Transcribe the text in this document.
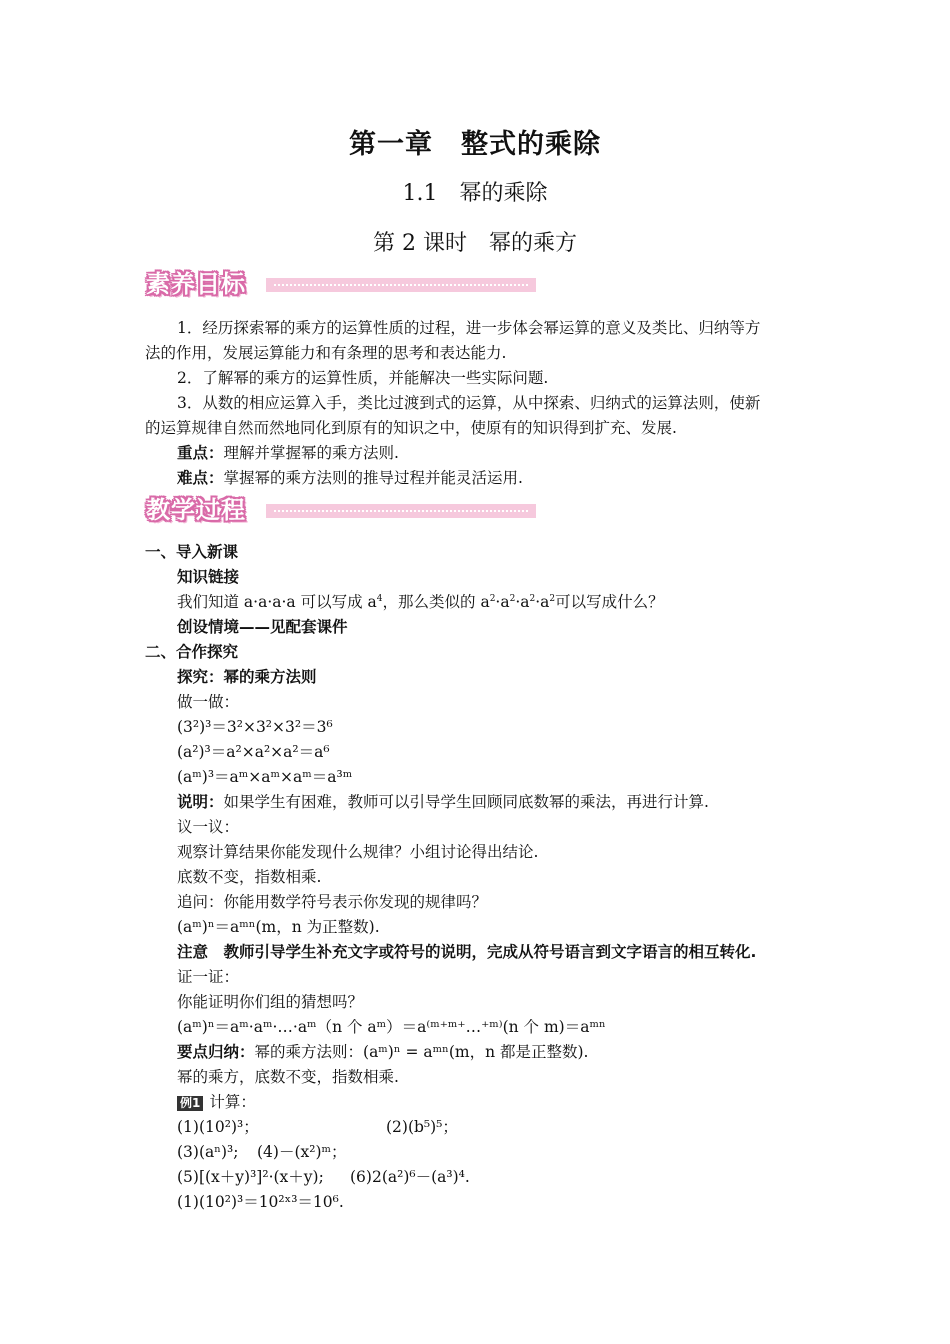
第一章　整式的乘除
1.1　幂的乘除
第 2 课时　幂的乘方
素养目标
1．经历探索幂的乘方的运算性质的过程，进一步体会幂运算的意义及类比、归纳等方
法的作用，发展运算能力和有条理的思考和表达能力.
2．了解幂的乘方的运算性质，并能解决一些实际问题.
3．从数的相应运算入手，类比过渡到式的运算，从中探索、归纳式的运算法则，使新
的运算规律自然而然地同化到原有的知识之中，使原有的知识得到扩充、发展.
重点：理解并掌握幂的乘方法则.
难点：掌握幂的乘方法则的推导过程并能灵活运用.
教学过程
一、导入新课
知识链接
我们知道 a·a·a·a 可以写成 $a^4$，那么类似的 $a^2\cdot a^2\cdot a^2\cdot a^2$可以写成什么？
创设情境——见配套课件
二、合作探究
探究：幂的乘方法则
做一做：
(3²)³＝3²×3²×3²＝3⁶
(a²)³＝a²×a²×a²＝a⁶
(aᵐ)³＝aᵐ×aᵐ×aᵐ＝a³ᵐ
说明：如果学生有困难，教师可以引导学生回顾同底数幂的乘法，再进行计算.
议一议：
观察计算结果你能发现什么规律？小组讨论得出结论.
底数不变，指数相乘.
追问：你能用数学符号表示你发现的规律吗？
(aᵐ)ⁿ＝aᵐⁿ(m，n 为正整数).
注意　 教师引导学生补充文字或符号的说明，完成从符号语言到文字语言的相互转化.
证一证：
你能证明你们组的猜想吗？
(aᵐ)ⁿ＝aᵐ·aᵐ·…·aᵐ（n 个 aᵐ）＝a⁽ᵐ⁺ᵐ⁺…⁺ᵐ⁾(n 个 m)＝aᵐⁿ
要点归纳：幂的乘方法则：(aᵐ)ⁿ = aᵐⁿ(m，n 都是正整数).
幂的乘方，底数不变，指数相乘.
例1 计算：
(1)(10²)³；	(2)(b⁵)⁵；
(3)(aⁿ)³; (4)－(x²)ᵐ；
(5)[(x＋y)³]²·(x＋y); (6)2(a²)⁶－(a³)⁴.
(1)(10²)³＝10²ˣ³＝10⁶.
